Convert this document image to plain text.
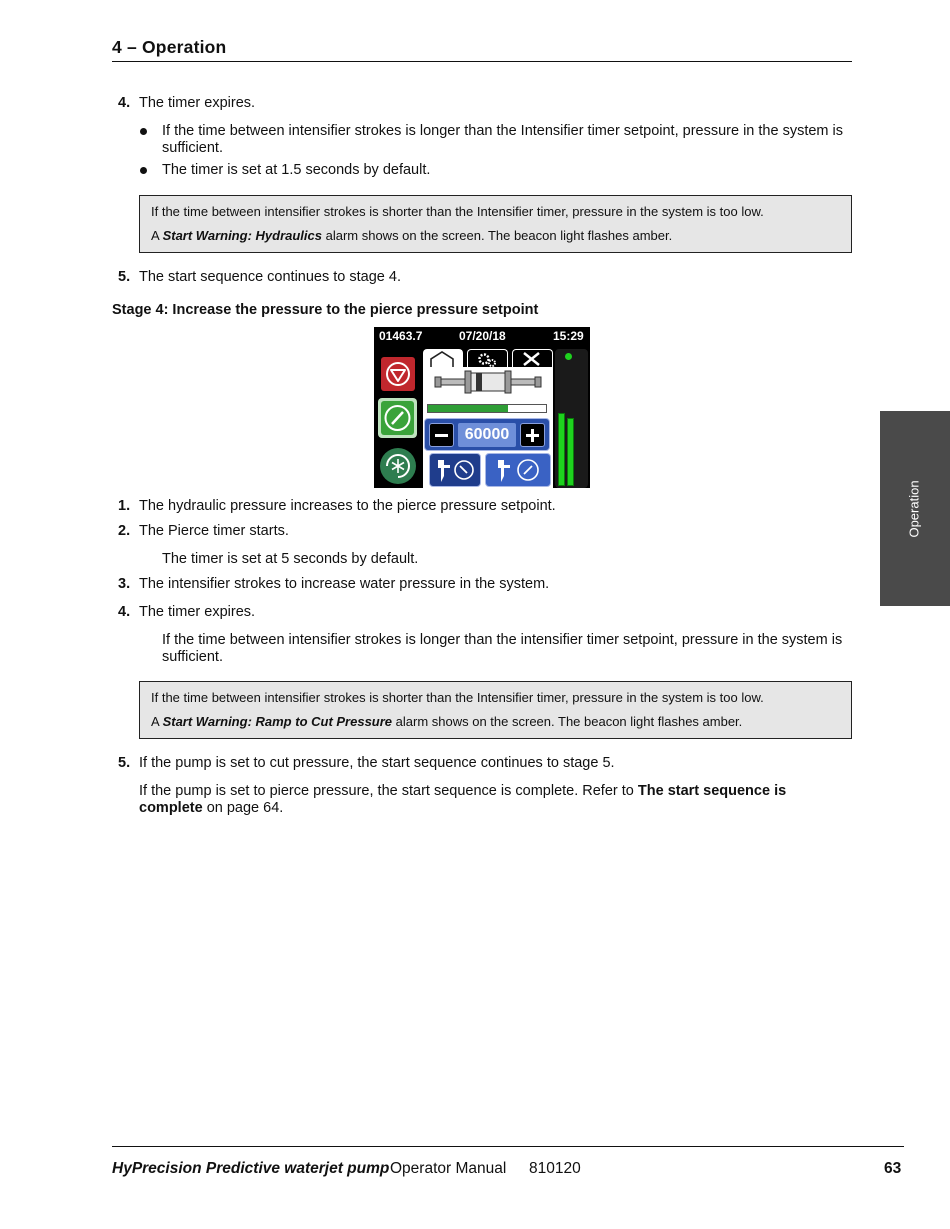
4 – Operation
4. The timer expires.
If the time between intensifier strokes is longer than the Intensifier timer setpoint, pressure in the system is sufficient.
The timer is set at 1.5 seconds by default.

If the time between intensifier strokes is shorter than the Intensifier timer, pressure in the system is too low.

A Start Warning: Hydraulics alarm shows on the screen. The beacon light flashes amber.

5. The start sequence continues to stage 4.
Stage 4: Increase the pressure to the pierce pressure setpoint
01463.7	07/20/18	15:29
60000
1. The hydraulic pressure increases to the pierce pressure setpoint.
2. The Pierce timer starts.
The timer is set at 5 seconds by default.
3. The intensifier strokes to increase water pressure in the system.
4. The timer expires.
If the time between intensifier strokes is longer than the intensifier timer setpoint, pressure in the system is sufficient.

If the time between intensifier strokes is shorter than the Intensifier timer, pressure in the system is too low.

A Start Warning: Ramp to Cut Pressure alarm shows on the screen. The beacon light flashes amber.

5. If the pump is set to cut pressure, the start sequence continues to stage 5.
If the pump is set to pierce pressure, the start sequence is complete. Refer to The start sequence is complete on page 64.
Operation
HyPrecision Predictive waterjet pump Operator Manual 810120	63
